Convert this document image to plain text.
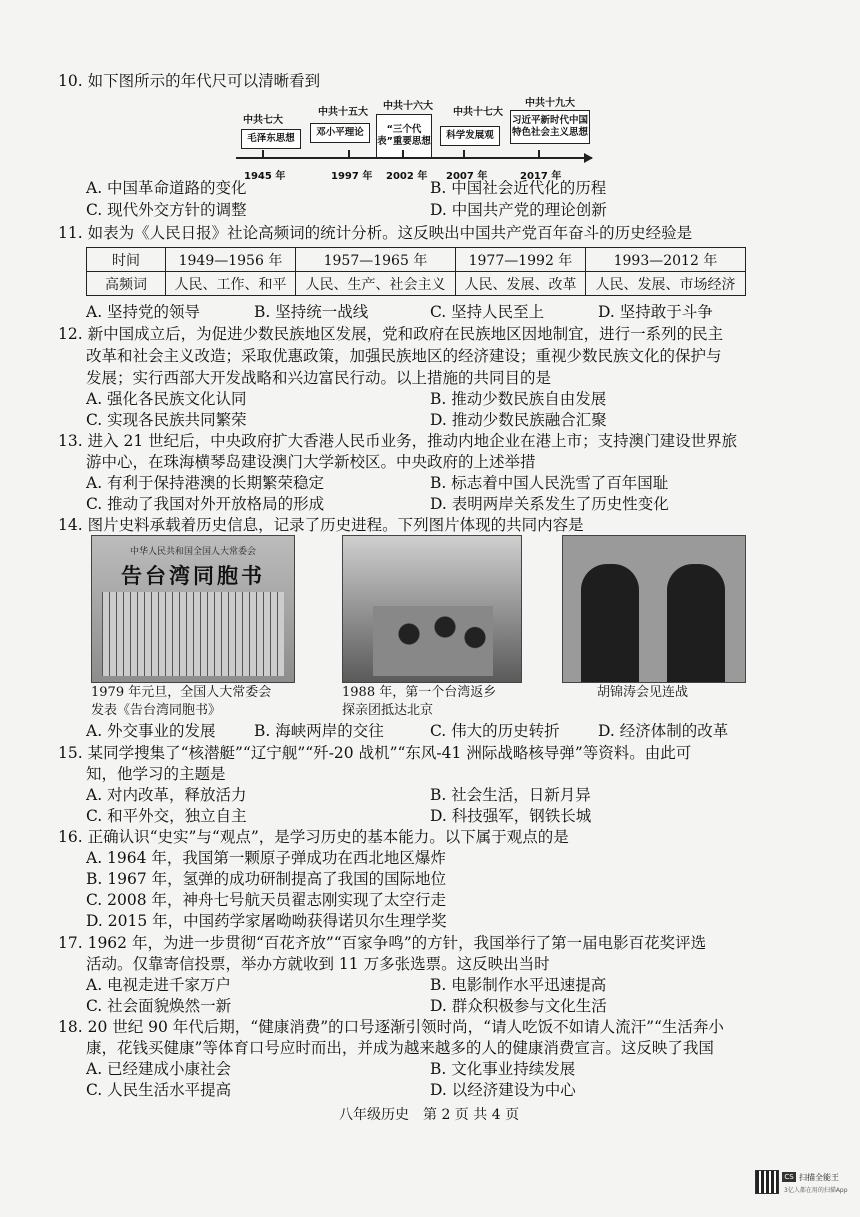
10. 如下图所示的年代尺可以清晰看到
中共七大
中共十五大
中共十六大
中共十七大
中共十九大
毛泽东思想
邓小平理论	“三个代表”重要思想
科学发展观
习近平新时代中国特色社会主义思想
1945 年	1997 年 2002 年 2007 年	2017 年
A. 中国革命道路的变化	B. 中国社会近代化的历程
C. 现代外交方针的调整	D. 中国共产党的理论创新
11. 如表为《人民日报》社论高频词的统计分析。这反映出中国共产党百年奋斗的历史经验是
时间	1949—1956 年	1957—1965 年	1977—1992 年	1993—2012 年
高频词	人民、工作、和平	人民、生产、社会主义	人民、发展、改革	人民、发展、市场经济
A. 坚持党的领导	B. 坚持统一战线	C. 坚持人民至上	D. 坚持敢于斗争
12. 新中国成立后，为促进少数民族地区发展，党和政府在民族地区因地制宜，进行一系列的民主
改革和社会主义改造；采取优惠政策，加强民族地区的经济建设；重视少数民族文化的保护与
发展；实行西部大开发战略和兴边富民行动。以上措施的共同目的是
A. 强化各民族文化认同	B. 推动少数民族自由发展
C. 实现各民族共同繁荣	D. 推动少数民族融合汇聚
13. 进入 21 世纪后，中央政府扩大香港人民币业务，推动内地企业在港上市；支持澳门建设世界旅
游中心，在珠海横琴岛建设澳门大学新校区。中央政府的上述举措
A. 有利于保持港澳的长期繁荣稳定	B. 标志着中国人民洗雪了百年国耻
C. 推动了我国对外开放格局的形成	D. 表明两岸关系发生了历史性变化
14. 图片史料承载着历史信息，记录了历史进程。下列图片体现的共同内容是
中华人民共和国全国人大常委会
告台湾同胞书
1979 年元旦，全国人大常委会
发表《告台湾同胞书》
1988 年，第一个台湾返乡
探亲团抵达北京
胡锦涛会见连战
A. 外交事业的发展 B. 海峡两岸的交往	C. 伟大的历史转折 D. 经济体制的改革
15. 某同学搜集了“核潜艇”“辽宁舰”“歼-20 战机”“东风-41 洲际战略核导弹”等资料。由此可
知，他学习的主题是
A. 对内改革，释放活力	B. 社会生活，日新月异
C. 和平外交，独立自主	D. 科技强军，钢铁长城
16. 正确认识“史实”与“观点”，是学习历史的基本能力。以下属于观点的是
A. 1964 年，我国第一颗原子弹成功在西北地区爆炸
B. 1967 年，氢弹的成功研制提高了我国的国际地位
C. 2008 年，神舟七号航天员翟志刚实现了太空行走
D. 2015 年，中国药学家屠呦呦获得诺贝尔生理学奖
17. 1962 年，为进一步贯彻“百花齐放”“百家争鸣”的方针，我国举行了第一届电影百花奖评选
活动。仅靠寄信投票，举办方就收到 11 万多张选票。这反映出当时
A. 电视走进千家万户	B. 电影制作水平迅速提高
C. 社会面貌焕然一新	D. 群众积极参与文化生活
18. 20 世纪 90 年代后期，“健康消费”的口号逐渐引领时尚，“请人吃饭不如请人流汗”“生活奔小
康，花钱买健康”等体育口号应时而出，并成为越来越多的人的健康消费宣言。这反映了我国
A. 已经建成小康社会	B. 文化事业持续发展
C. 人民生活水平提高	D. 以经济建设为中心
八年级历史　第 2 页 共 4 页
CS 扫描全能王
3亿人都在用的扫描App
